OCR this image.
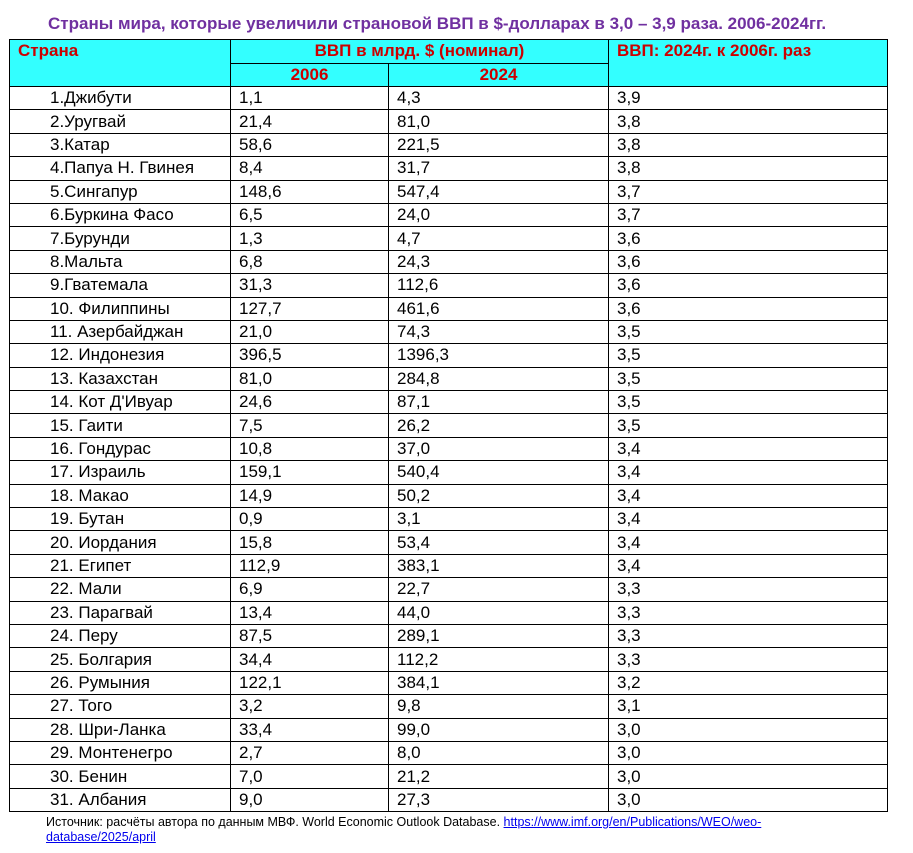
Страны мира, которые увеличили страновой ВВП в $-долларах в 3,0 – 3,9 раза. 2006-2024гг.
Страна	ВВП в млрд. $ (номинал)		ВВП: 2024г. к 2006г. раз
	2006	2024	
1.Джибути	1,1	4,3	3,9
2.Уругвай	21,4	81,0	3,8
3.Катар	58,6	221,5	3,8
4.Папуа Н. Гвинея	8,4	31,7	3,8
5.Сингапур	148,6	547,4	3,7
6.Буркина Фасо	6,5	24,0	3,7
7.Бурунди	1,3	4,7	3,6
8.Мальта	6,8	24,3	3,6
9.Гватемала	31,3	112,6	3,6
10. Филиппины	127,7	461,6	3,6
11. Азербайджан	21,0	74,3	3,5
12. Индонезия	396,5	1396,3	3,5
13. Казахстан	81,0	284,8	3,5
14. Кот Д'Ивуар	24,6	87,1	3,5
15. Гаити	7,5	26,2	3,5
16. Гондурас	10,8	37,0	3,4
17. Израиль	159,1	540,4	3,4
18. Макао	14,9	50,2	3,4
19. Бутан	0,9	3,1	3,4
20. Иордания	15,8	53,4	3,4
21. Египет	112,9	383,1	3,4
22. Мали	6,9	22,7	3,3
23. Парагвай	13,4	44,0	3,3
24. Перу	87,5	289,1	3,3
25. Болгария	34,4	112,2	3,3
26. Румыния	122,1	384,1	3,2
27. Того	3,2	9,8	3,1
28. Шри-Ланка	33,4	99,0	3,0
29. Монтенегро	2,7	8,0	3,0
30. Бенин	7,0	21,2	3,0
31. Албания	9,0	27,3	3,0
Источник: расчёты автора по данным МВФ. World Economic Outlook Database. https://www.imf.org/en/Publications/WEO/weo-database/2025/april
